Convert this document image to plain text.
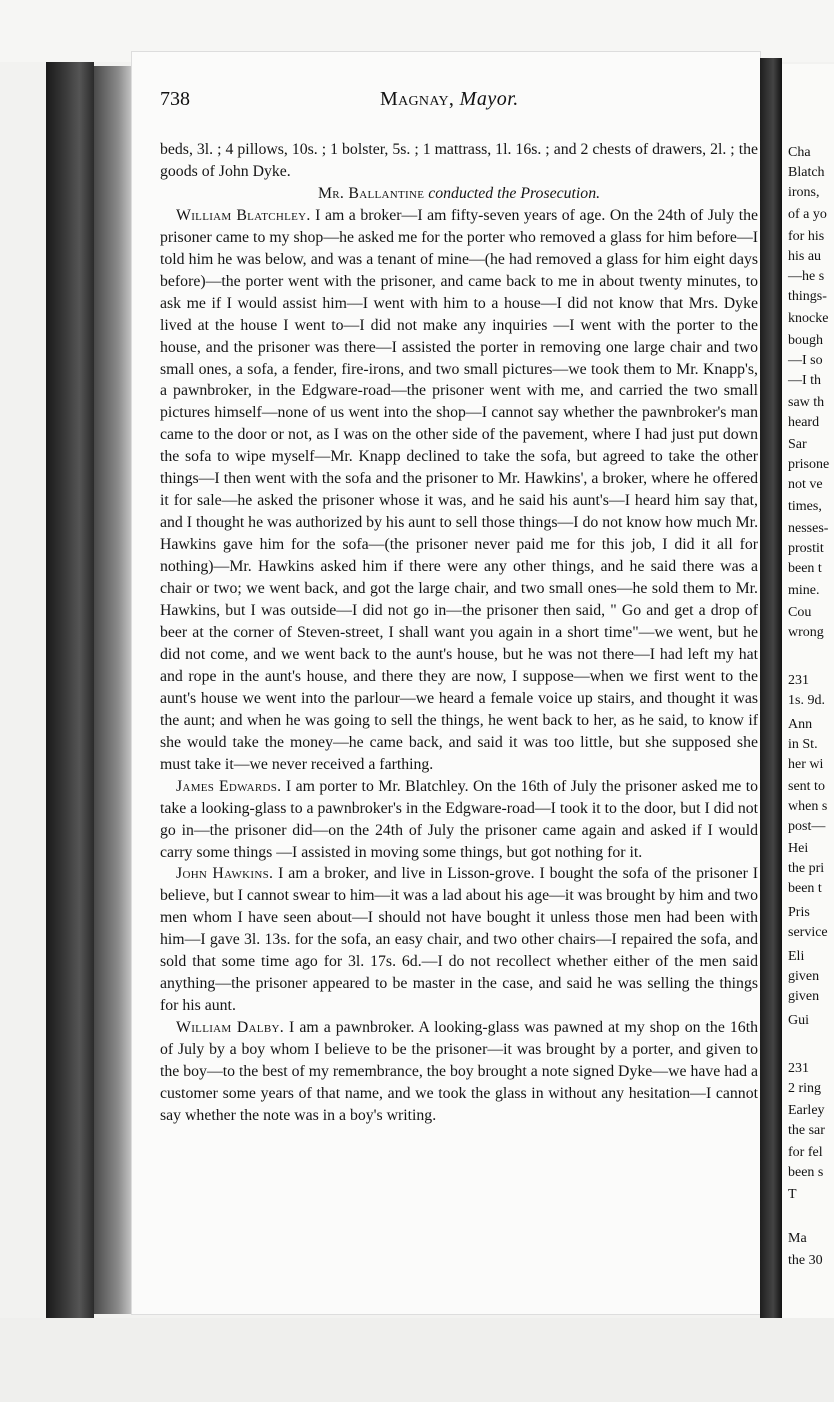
Cha
Blatch
irons,
of a yo
for his
his au
—he s
things-
knocke
bough
—I so
—I th
saw th
heard
Sar
prisone
not ve
times,
nesses-
prostit
been t
mine.
Cou
wrong
231
1s. 9d.
Ann
in St.
her wi
sent to
when s
post—
Hei
the pri
been t
Pris
service
Eli
given
given
Gui
231
2 ring
Earley
the sar
for fel
been s
T
Ma
the 30
738	Magnay, Mayor.

beds, 3l. ; 4 pillows, 10s. ; 1 bolster, 5s. ; 1 mattrass, 1l. 16s. ; and 2 chests of drawers, 2l. ; the goods of John Dyke.

Mr. Ballantine conducted the Prosecution.

William Blatchley. I am a broker—I am fifty-seven years of age. On the 24th of July the prisoner came to my shop—he asked me for the porter who removed a glass for him before—I told him he was below, and was a tenant of mine—(he had removed a glass for him eight days before)—the porter went with the prisoner, and came back to me in about twenty minutes, to ask me if I would assist him—I went with him to a house—I did not know that Mrs. Dyke lived at the house I went to—I did not make any inquiries —I went with the porter to the house, and the prisoner was there—I assisted the porter in removing one large chair and two small ones, a sofa, a fender, fire-irons, and two small pictures—we took them to Mr. Knapp's, a pawnbroker, in the Edgware-road—the prisoner went with me, and carried the two small pictures himself—none of us went into the shop—I cannot say whether the pawnbroker's man came to the door or not, as I was on the other side of the pavement, where I had just put down the sofa to wipe myself—Mr. Knapp declined to take the sofa, but agreed to take the other things—I then went with the sofa and the prisoner to Mr. Hawkins', a broker, where he offered it for sale—he asked the prisoner whose it was, and he said his aunt's—I heard him say that, and I thought he was authorized by his aunt to sell those things—I do not know how much Mr. Hawkins gave him for the sofa—(the prisoner never paid me for this job, I did it all for nothing)—Mr. Hawkins asked him if there were any other things, and he said there was a chair or two; we went back, and got the large chair, and two small ones—he sold them to Mr. Hawkins, but I was outside—I did not go in—the prisoner then said, " Go and get a drop of beer at the corner of Steven-street, I shall want you again in a short time"—we went, but he did not come, and we went back to the aunt's house, but he was not there—I had left my hat and rope in the aunt's house, and there they are now, I suppose—when we first went to the aunt's house we went into the parlour—we heard a female voice up stairs, and thought it was the aunt; and when he was going to sell the things, he went back to her, as he said, to know if she would take the money—he came back, and said it was too little, but she supposed she must take it—we never received a farthing.

James Edwards. I am porter to Mr. Blatchley. On the 16th of July the prisoner asked me to take a looking-glass to a pawnbroker's in the Edgware-road—I took it to the door, but I did not go in—the prisoner did—on the 24th of July the prisoner came again and asked if I would carry some things —I assisted in moving some things, but got nothing for it.

John Hawkins. I am a broker, and live in Lisson-grove. I bought the sofa of the prisoner I believe, but I cannot swear to him—it was a lad about his age—it was brought by him and two men whom I have seen about—I should not have bought it unless those men had been with him—I gave 3l. 13s. for the sofa, an easy chair, and two other chairs—I repaired the sofa, and sold that some time ago for 3l. 17s. 6d.—I do not recollect whether either of the men said anything—the prisoner appeared to be master in the case, and said he was selling the things for his aunt.

William Dalby. I am a pawnbroker. A looking-glass was pawned at my shop on the 16th of July by a boy whom I believe to be the prisoner—it was brought by a porter, and given to the boy—to the best of my remembrance, the boy brought a note signed Dyke—we have had a customer some years of that name, and we took the glass in without any hesitation—I cannot say whether the note was in a boy's writing.
